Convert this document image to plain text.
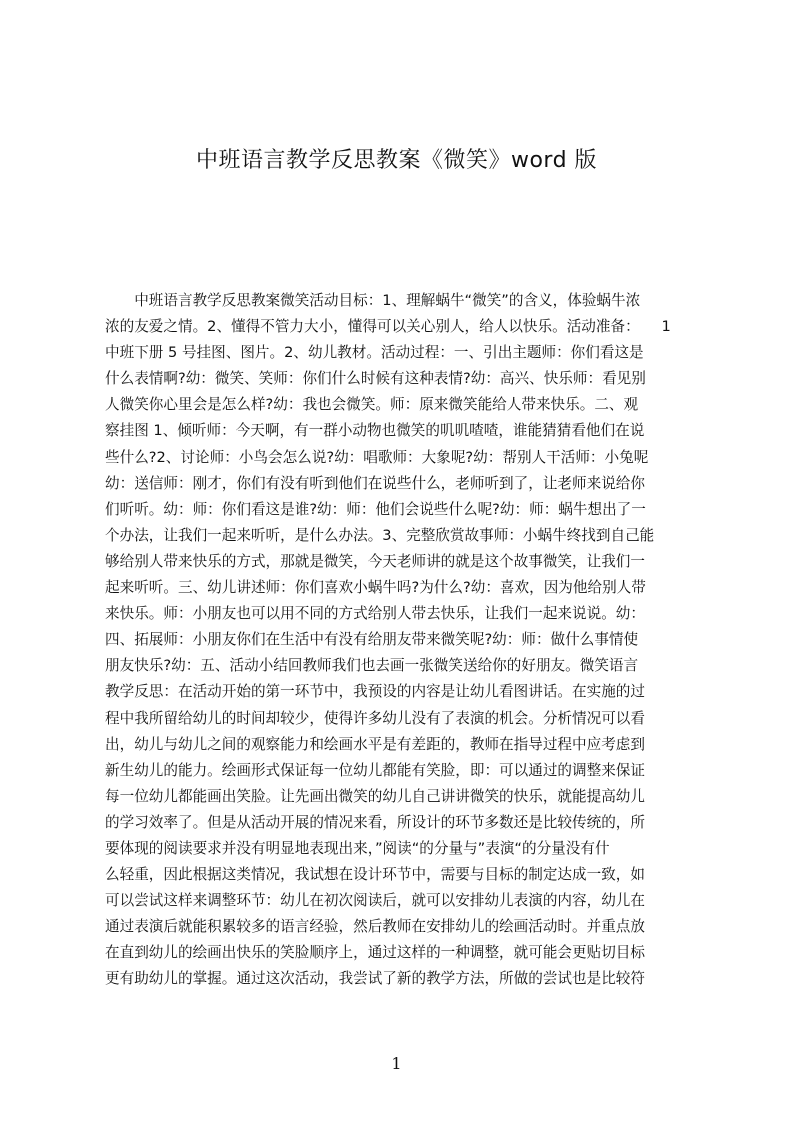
中班语言教学反思教案《微笑》word 版
　　中班语言教学反思教案微笑活动目标：1、理解蜗牛“微笑”的含义，体验蜗牛浓
浓的友爱之情。2、懂得不管力大小，懂得可以关心别人，给人以快乐。活动准备：　　1
中班下册 5 号挂图、图片。2、幼儿教材。活动过程：一、引出主题师：你们看这是
什么表情啊?幼：微笑、笑师：你们什么时候有这种表情?幼：高兴、快乐师：看见别
人微笑你心里会是怎么样?幼：我也会微笑。师：原来微笑能给人带来快乐。二、观
察挂图 1、倾听师：今天啊，有一群小动物也微笑的叽叽喳喳，谁能猜猜看他们在说
些什么?2、讨论师：小鸟会怎么说?幼：唱歌师：大象呢?幼：帮别人干活师：小兔呢
幼：送信师：刚才，你们有没有听到他们在说些什么，老师听到了，让老师来说给你
们听听。幼：师：你们看这是谁?幼：师：他们会说些什么呢?幼：师：蜗牛想出了一
个办法，让我们一起来听听，是什么办法。3、完整欣赏故事师：小蜗牛终找到自己能
够给别人带来快乐的方式，那就是微笑，今天老师讲的就是这个故事微笑，让我们一
起来听听。三、幼儿讲述师：你们喜欢小蜗牛吗?为什么?幼：喜欢，因为他给别人带
来快乐。师：小朋友也可以用不同的方式给别人带去快乐，让我们一起来说说。幼：
四、拓展师：小朋友你们在生活中有没有给朋友带来微笑呢?幼：师：做什么事情使
朋友快乐?幼：五、活动小结回教师我们也去画一张微笑送给你的好朋友。微笑语言
教学反思：在活动开始的第一环节中，我预设的内容是让幼儿看图讲话。在实施的过
程中我所留给幼儿的时间却较少，使得许多幼儿没有了表演的机会。分析情况可以看
出，幼儿与幼儿之间的观察能力和绘画水平是有差距的，教师在指导过程中应考虑到
新生幼儿的能力。绘画形式保证每一位幼儿都能有笑脸，即：可以通过的调整来保证
每一位幼儿都能画出笑脸。让先画出微笑的幼儿自己讲讲微笑的快乐，就能提高幼儿
的学习效率了。但是从活动开展的情况来看，所设计的环节多数还是比较传统的，所
要体现的阅读要求并没有明显地表现出来，”阅读“的分量与”表演“的分量没有什
么轻重，因此根据这类情况，我试想在设计环节中，需要与目标的制定达成一致，如
可以尝试这样来调整环节：幼儿在初次阅读后，就可以安排幼儿表演的内容，幼儿在
通过表演后就能积累较多的语言经验，然后教师在安排幼儿的绘画活动时。并重点放
在直到幼儿的绘画出快乐的笑脸顺序上，通过这样的一种调整，就可能会更贴切目标
更有助幼儿的掌握。通过这次活动，我尝试了新的教学方法，所做的尝试也是比较符
1
